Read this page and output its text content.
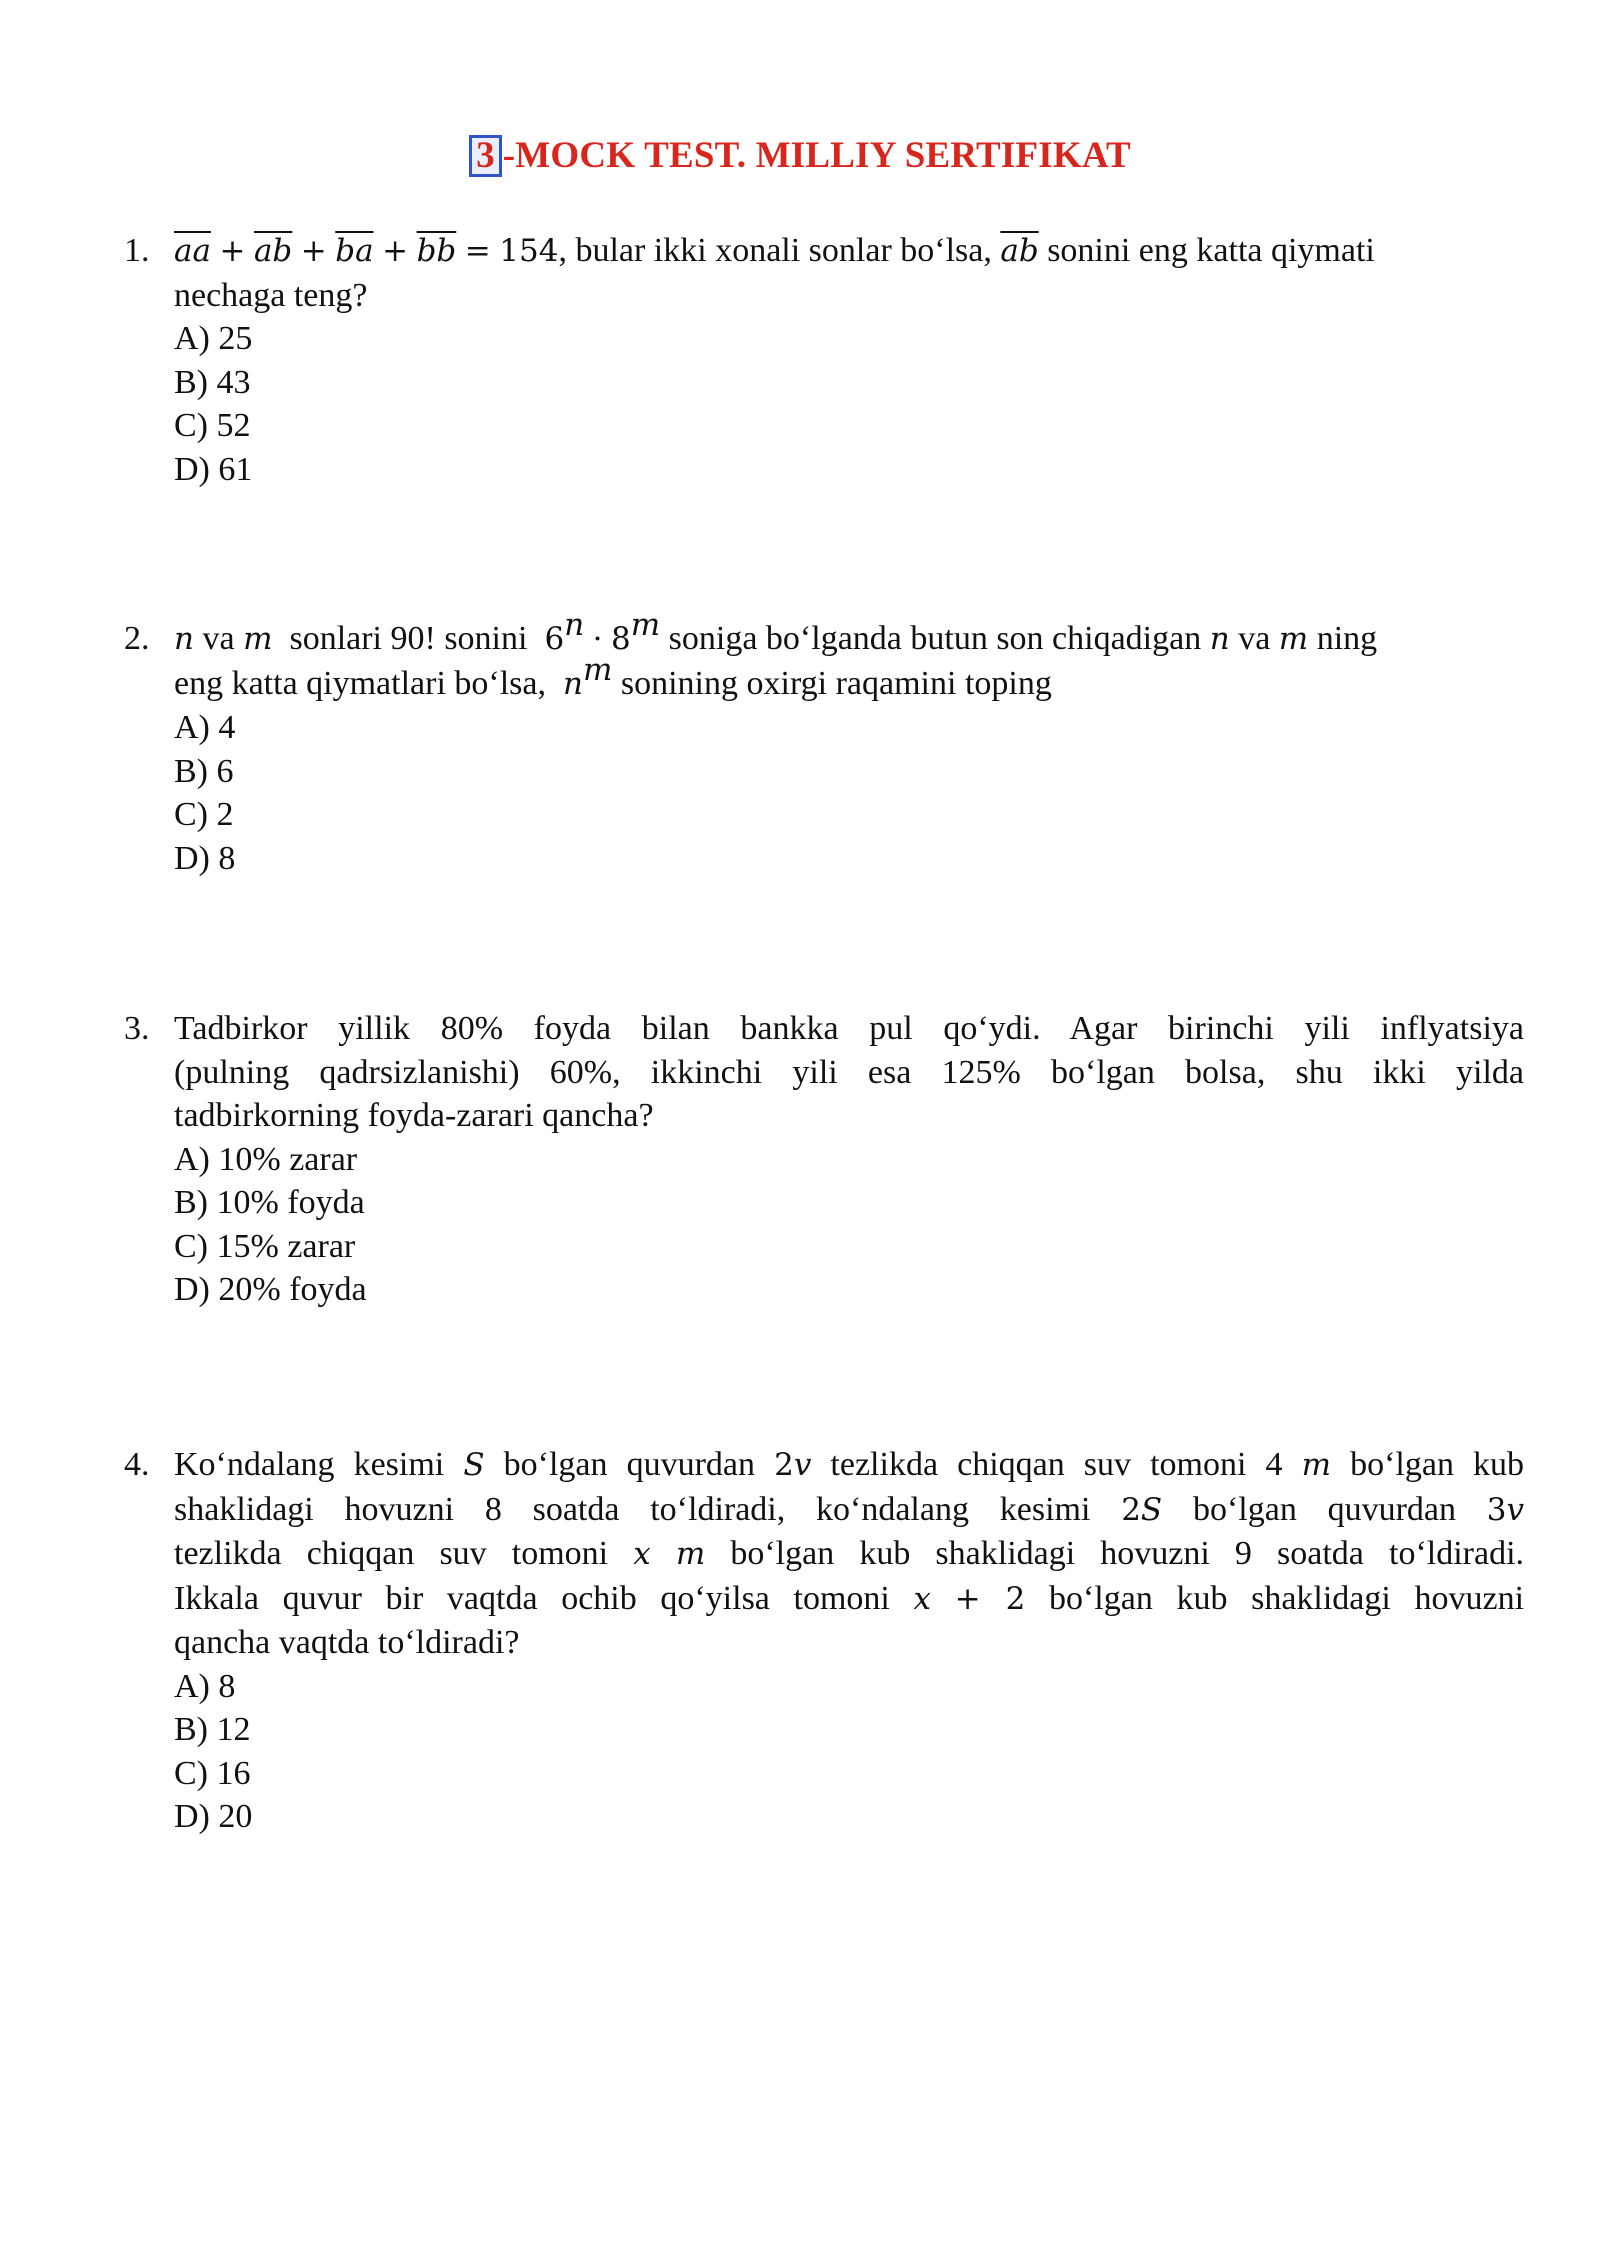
3 -MOCK TEST. MILLIY SERTIFIKAT
1. $\overline{aa} + \overline{ab} + \overline{ba} + \overline{bb} = 154$, bular ikki xonali sonlar bo‘lsa, $\overline{ab}$ sonini eng katta qiymati

nechaga teng?

A) 25
B) 43
C) 52
D) 61
2. n va m sonlari 90! sonini $6^n \cdot 8^m$ soniga bo‘lganda butun son chiqadigan n va m ning

eng katta qiymatlari bo‘lsa, $n^m$ sonining oxirgi raqamini toping

A) 4
B) 6
C) 2
D) 8
3. Tadbirkor yillik 80% foyda bilan bankka pul qo‘ydi. Agar birinchi yili inflyatsiya

(pulning qadrsizlanishi) 60%, ikkinchi yili esa 125% bo‘lgan bolsa, shu ikki yilda

tadbirkorning foyda-zarari qancha?

A) 10% zarar
B) 10% foyda
C) 15% zarar
D) 20% foyda
4. Ko‘ndalang kesimi S bo‘lgan quvurdan 2v tezlikda chiqqan suv tomoni 4 m bo‘lgan kub

shaklidagi hovuzni 8 soatda to‘ldiradi, ko‘ndalang kesimi 2S bo‘lgan quvurdan 3v

tezlikda chiqqan suv tomoni x m bo‘lgan kub shaklidagi hovuzni 9 soatda to‘ldiradi.

Ikkala quvur bir vaqtda ochib qo‘yilsa tomoni x + 2 bo‘lgan kub shaklidagi hovuzni

qancha vaqtda to‘ldiradi?

A) 8
B) 12
C) 16
D) 20
